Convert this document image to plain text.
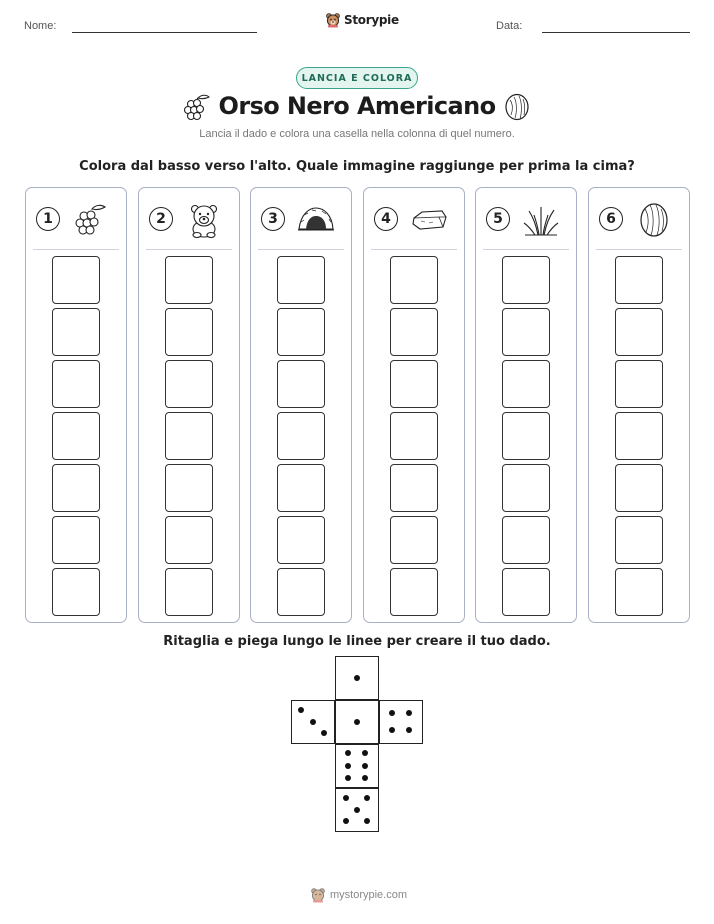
Nome:	Storypie	Data:
LANCIA E COLORA
Orso Nero Americano
Lancia il dado e colora una casella nella colonna di quel numero.
Colora dal basso verso l'alto. Quale immagine raggiunge per prima la cima?
1	2	3	4	5	6
Ritaglia e piega lungo le linee per creare il tuo dado.
mystorypie.com
